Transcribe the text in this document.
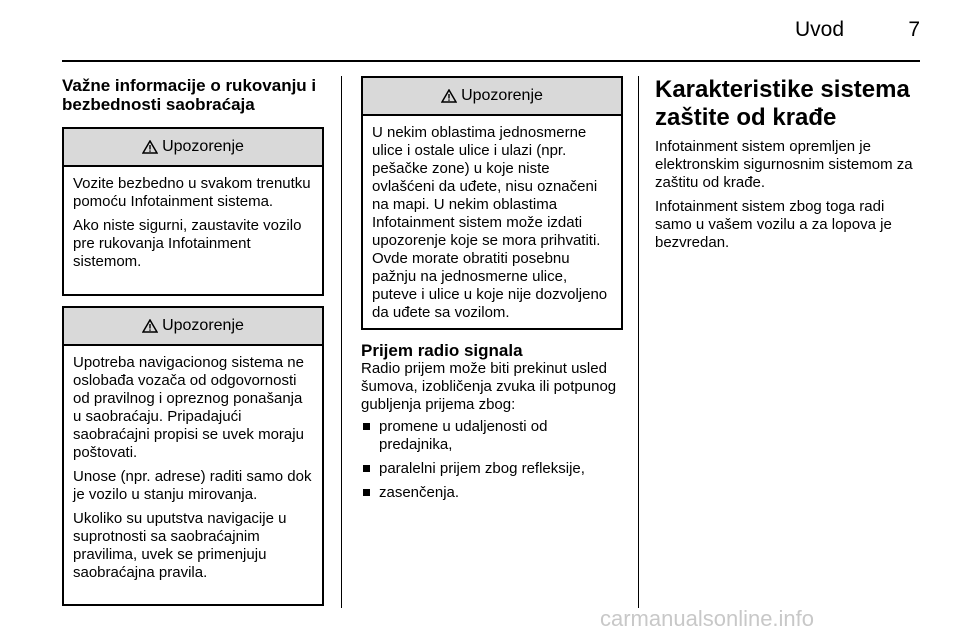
Uvod	7
Važne informacije o rukovanju i bezbednosti saobraćaja
Upozorenje

Vozite bezbedno u svakom trenutku pomoću Infotainment sistema.

Ako niste sigurni, zaustavite vozilo pre rukovanja Infotainment sistemom.

Upozorenje

Upotreba navigacionog sistema ne oslobađa vozača od odgovornosti od pravilnog i opreznog ponašanja u saobraćaju. Pripadajući saobraćajni propisi se uvek moraju poštovati.

Unose (npr. adrese) raditi samo dok je vozilo u stanju mirovanja.

Ukoliko su uputstva navigacije u suprotnosti sa saobraćajnim pravilima, uvek se primenjuju saobraćajna pravila.

Upozorenje

U nekim oblastima jednosmerne ulice i ostale ulice i ulazi (npr. pešačke zone) u koje niste ovlašćeni da uđete, nisu označeni na mapi. U nekim oblastima Infotainment sistem može izdati upozorenje koje se mora prihvatiti. Ovde morate obratiti posebnu pažnju na jednosmerne ulice, puteve i ulice u koje nije dozvoljeno da uđete sa vozilom.

Prijem radio signala

Radio prijem može biti prekinut usled šumova, izobličenja zvuka ili potpunog gubljenja prijema zbog:

promene u udaljenosti od predajnika,
paralelni prijem zbog refleksije,
zasenčenja.
Karakteristike sistema zaštite od krađe

Infotainment sistem opremljen je elektronskim sigurnosnim sistemom za zaštitu od krađe.

Infotainment sistem zbog toga radi samo u vašem vozilu a za lopova je bezvredan.

carmanualsonline.info
